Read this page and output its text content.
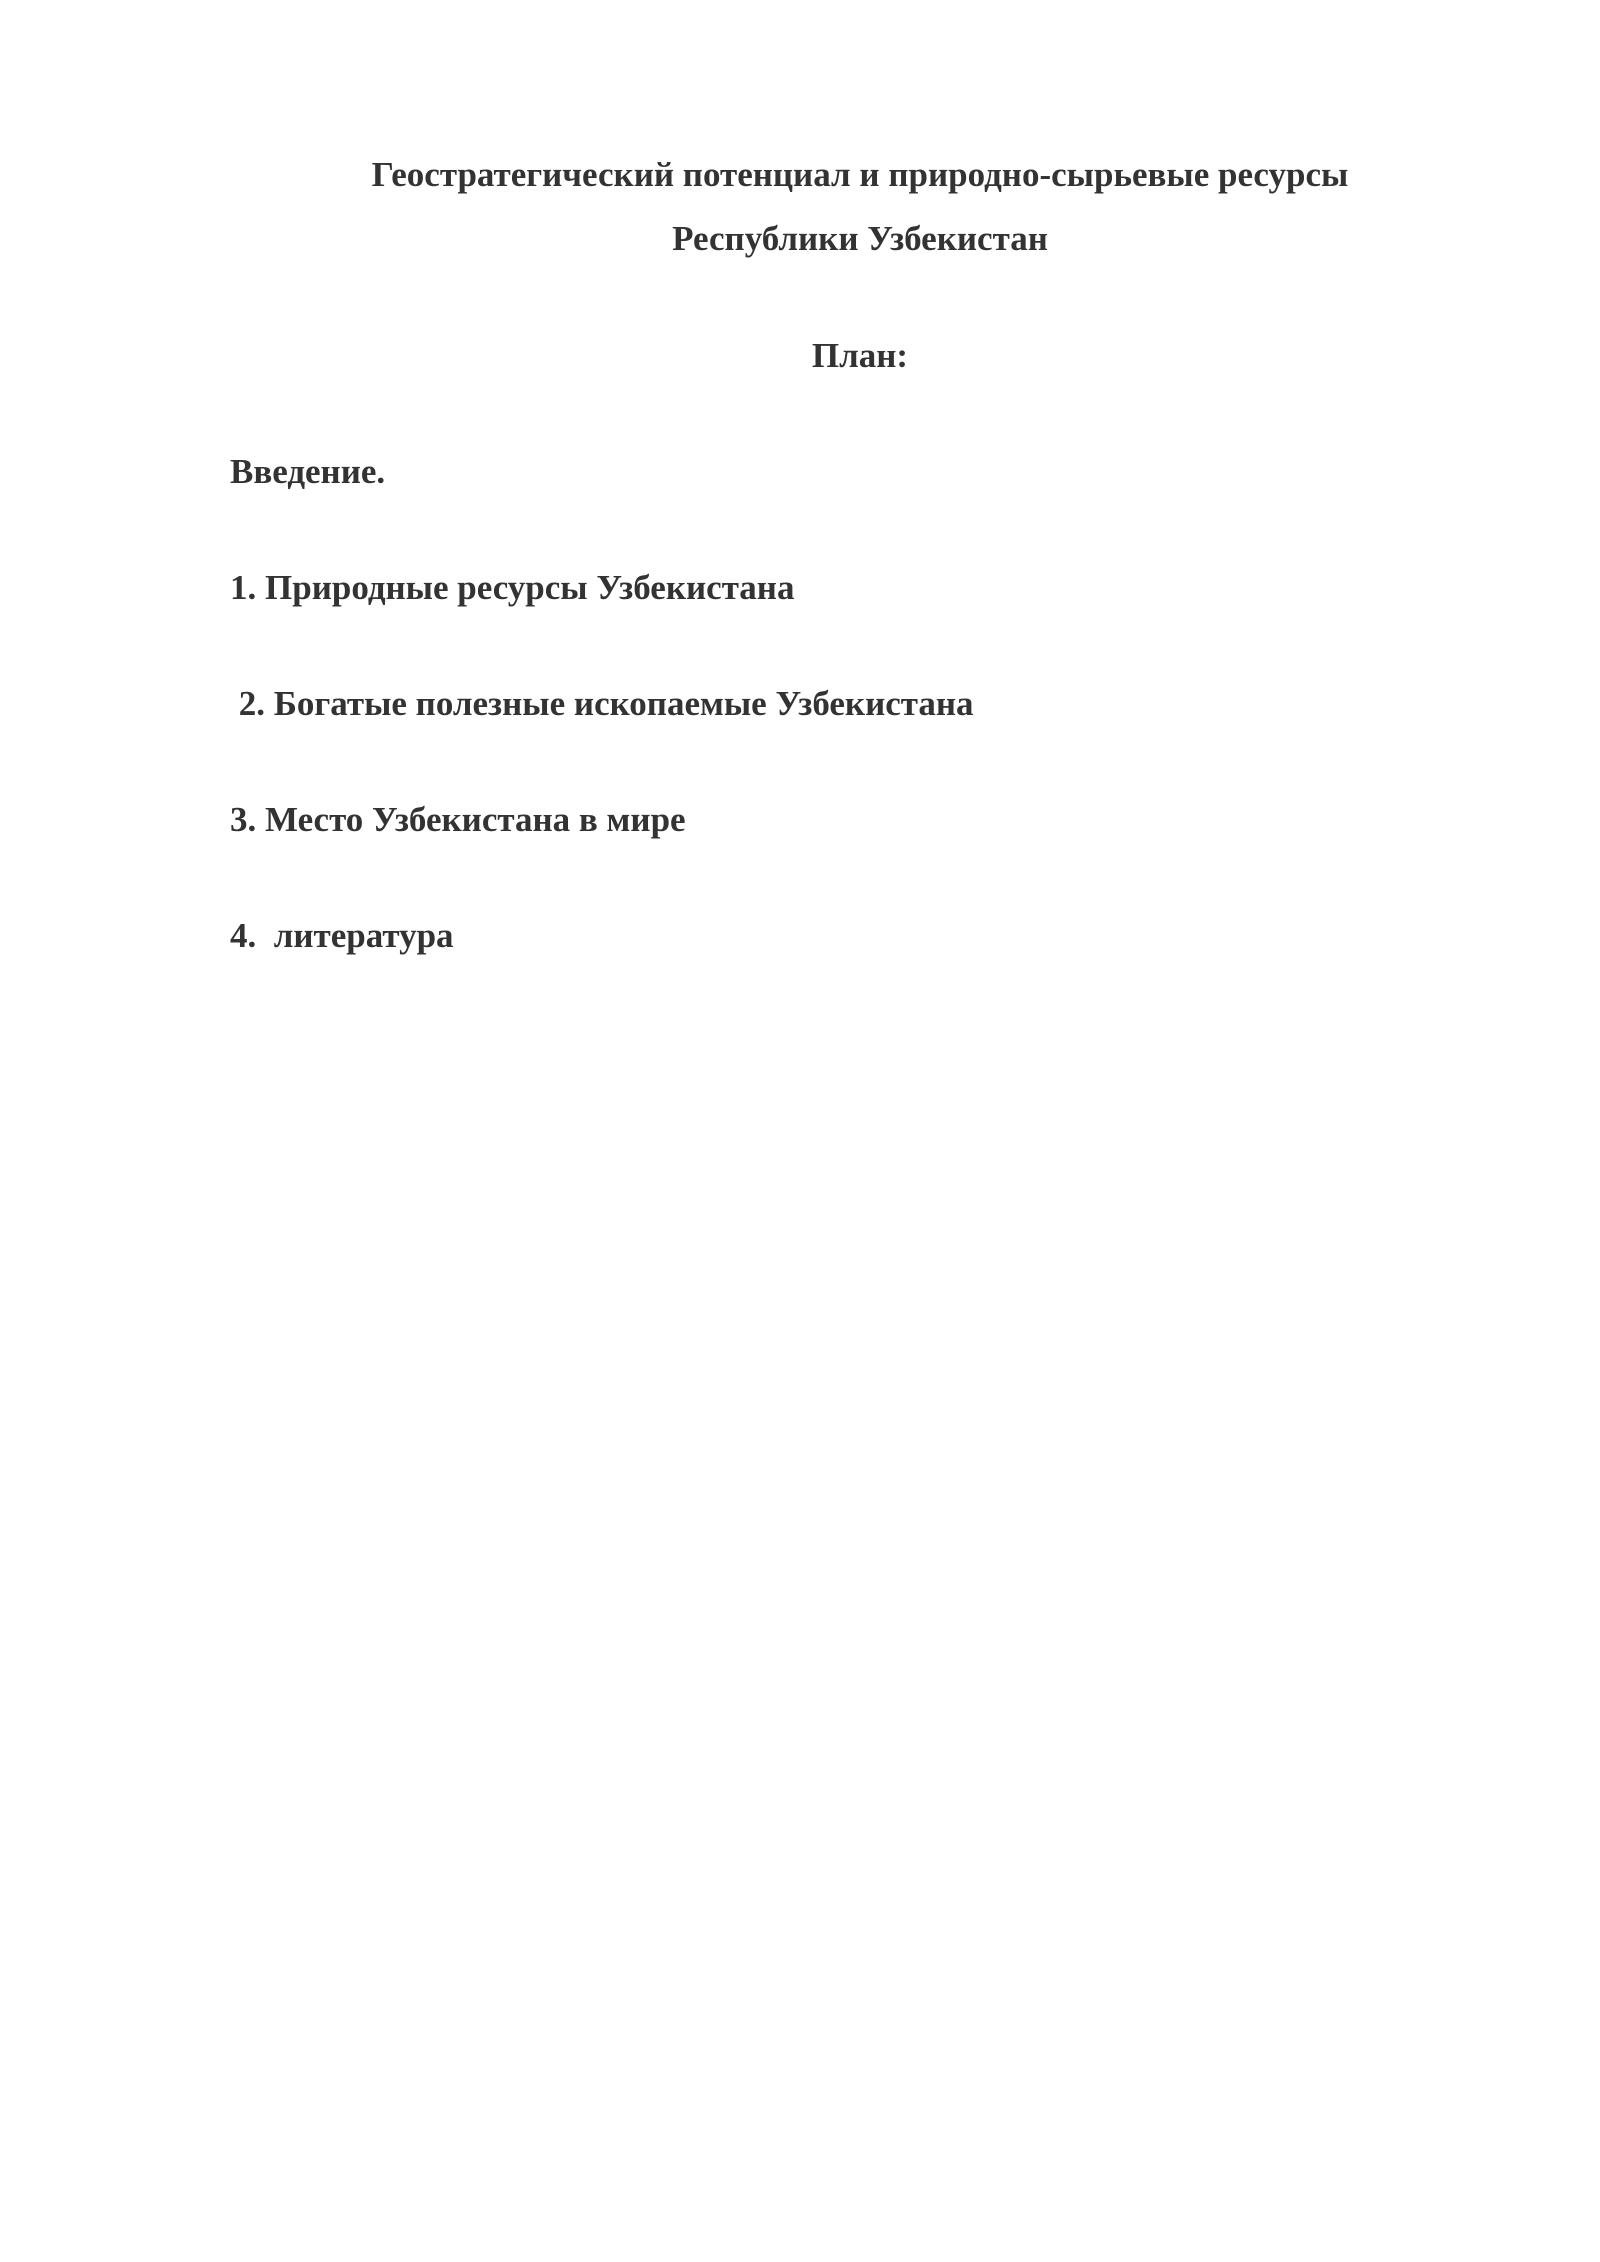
Геостратегический потенциал и природно-сырьевые ресурсы
Республики Узбекистан
План:
Введение.
1. Природные ресурсы Узбекистана
2. Богатые полезные ископаемые Узбекистана
3. Место Узбекистана в мире
4.  литература
